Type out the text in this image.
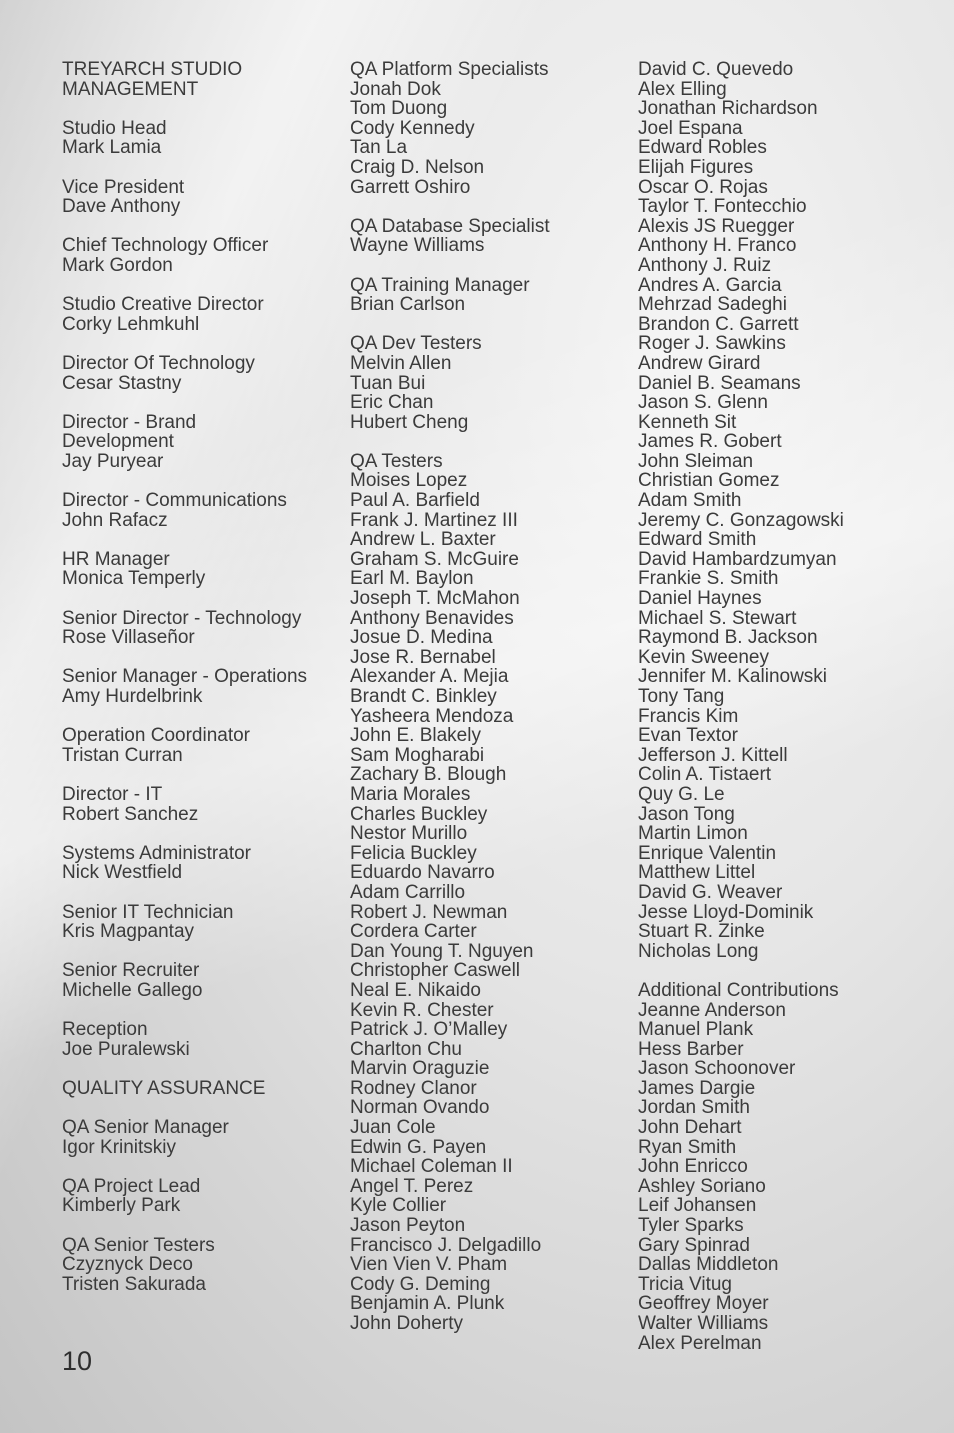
TREYARCH STUDIO
MANAGEMENT
Studio Head
Mark Lamia
Vice President
Dave Anthony
Chief Technology Officer
Mark Gordon
Studio Creative Director
Corky Lehmkuhl
Director Of Technology
Cesar Stastny
Director - Brand
Development
Jay Puryear
Director - Communications
John Rafacz
HR Manager
Monica Temperly
Senior Director - Technology
Rose Villaseñor
Senior Manager - Operations
Amy Hurdelbrink
Operation Coordinator
Tristan Curran
Director - IT
Robert Sanchez
Systems Administrator
Nick Westfield
Senior IT Technician
Kris Magpantay
Senior Recruiter
Michelle Gallego
Reception
Joe Puralewski
QUALITY ASSURANCE
QA Senior Manager
Igor Krinitskiy
QA Project Lead
Kimberly Park
QA Senior Testers
Czyznyck Deco
Tristen Sakurada
QA Platform Specialists
Jonah Dok
Tom Duong
Cody Kennedy
Tan La
Craig D. Nelson
Garrett Oshiro
QA Database Specialist
Wayne Williams
QA Training Manager
Brian Carlson
QA Dev Testers
Melvin Allen
Tuan Bui
Eric Chan
Hubert Cheng
QA Testers
Moises Lopez
Paul A. Barfield
Frank J. Martinez III
Andrew L. Baxter
Graham S. McGuire
Earl M. Baylon
Joseph T. McMahon
Anthony Benavides
Josue D. Medina
Jose R. Bernabel
Alexander A. Mejia
Brandt C. Binkley
Yasheera Mendoza
John E. Blakely
Sam Mogharabi
Zachary B. Blough
Maria Morales
Charles Buckley
Nestor Murillo
Felicia Buckley
Eduardo Navarro
Adam Carrillo
Robert J. Newman
Cordera Carter
Dan Young T. Nguyen
Christopher Caswell
Neal E. Nikaido
Kevin R. Chester
Patrick J. O’Malley
Charlton Chu
Marvin Oraguzie
Rodney Clanor
Norman Ovando
Juan Cole
Edwin G. Payen
Michael Coleman II
Angel T. Perez
Kyle Collier
Jason Peyton
Francisco J. Delgadillo
Vien Vien V. Pham
Cody G. Deming
Benjamin A. Plunk
John Doherty
David C. Quevedo
Alex Elling
Jonathan Richardson
Joel Espana
Edward Robles
Elijah Figures
Oscar O. Rojas
Taylor T. Fontecchio
Alexis JS Ruegger
Anthony H. Franco
Anthony J. Ruiz
Andres A. Garcia
Mehrzad Sadeghi
Brandon C. Garrett
Roger J. Sawkins
Andrew Girard
Daniel B. Seamans
Jason S. Glenn
Kenneth Sit
James R. Gobert
John Sleiman
Christian Gomez
Adam Smith
Jeremy C. Gonzagowski
Edward Smith
David Hambardzumyan
Frankie S. Smith
Daniel Haynes
Michael S. Stewart
Raymond B. Jackson
Kevin Sweeney
Jennifer M. Kalinowski
Tony Tang
Francis Kim
Evan Textor
Jefferson J. Kittell
Colin A. Tistaert
Quy G. Le
Jason Tong
Martin Limon
Enrique Valentin
Matthew Littel
David G. Weaver
Jesse Lloyd-Dominik
Stuart R. Zinke
Nicholas Long
Additional Contributions
Jeanne Anderson
Manuel Plank
Hess Barber
Jason Schoonover
James Dargie
Jordan Smith
John Dehart
Ryan Smith
John Enricco
Ashley Soriano
Leif Johansen
Tyler Sparks
Gary Spinrad
Dallas Middleton
Tricia Vitug
Geoffrey Moyer
Walter Williams
Alex Perelman
10
